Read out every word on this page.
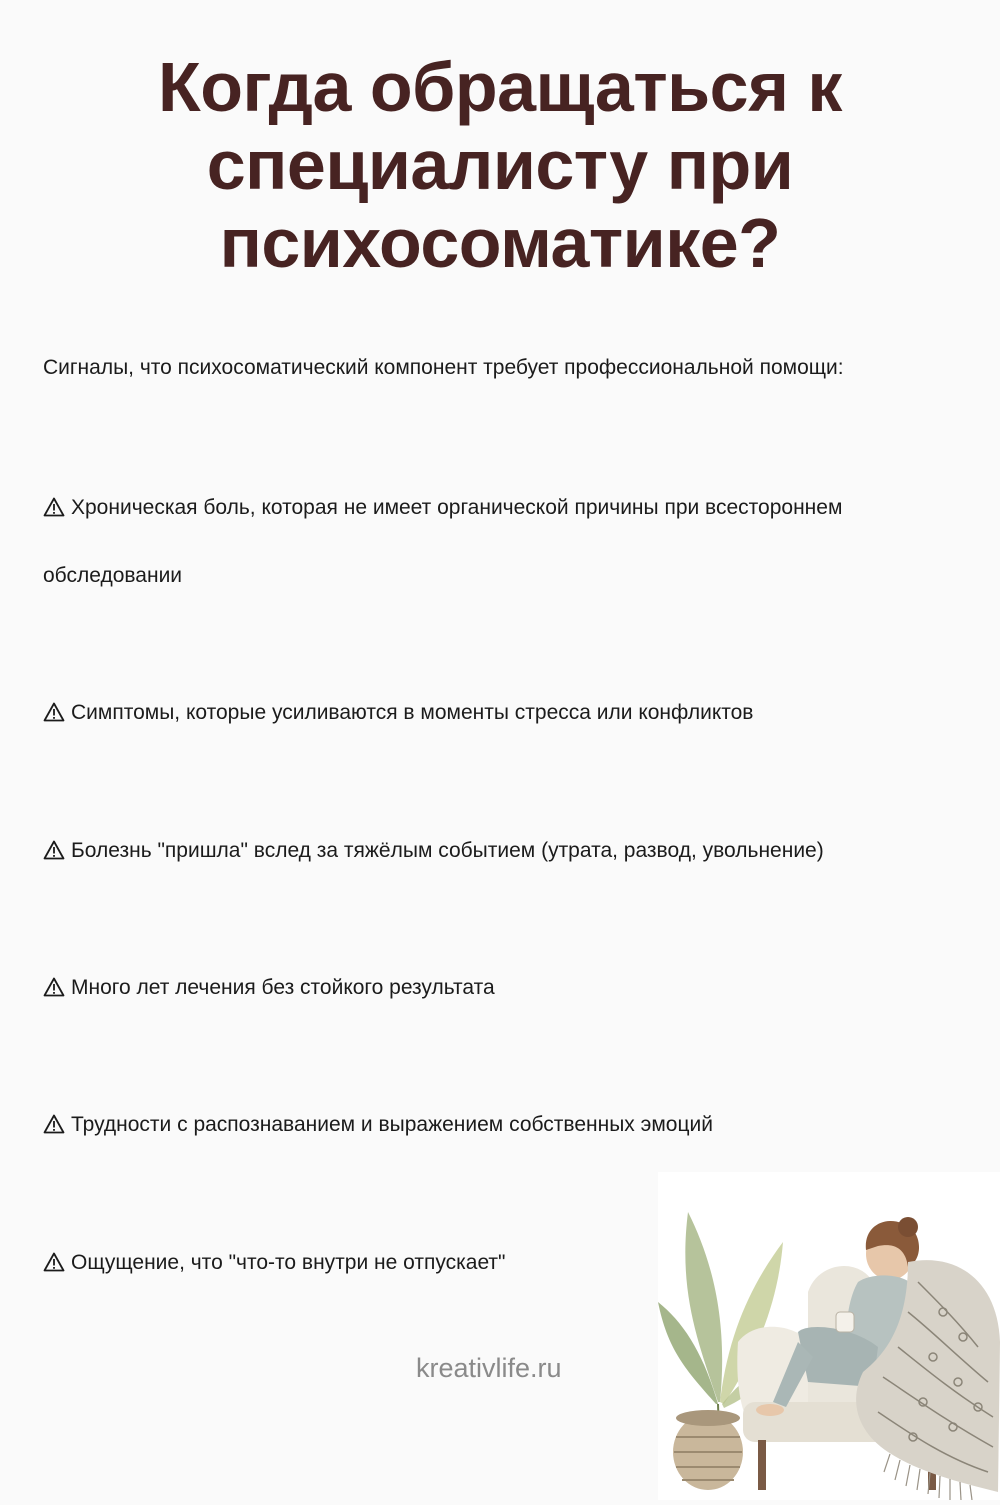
Когда обращаться к специалисту при психосоматике?
Сигналы, что психосоматический компонент требует профессиональной помощи:
Хроническая боль, которая не имеет органической причины при всестороннем обследовании
Симптомы, которые усиливаются в моменты стресса или конфликтов
Болезнь "пришла" вслед за тяжёлым событием (утрата, развод, увольнение)
Много лет лечения без стойкого результата
Трудности с распознаванием и выражением собственных эмоций
Ощущение, что "что-то внутри не отпускает"
kreativlife.ru
